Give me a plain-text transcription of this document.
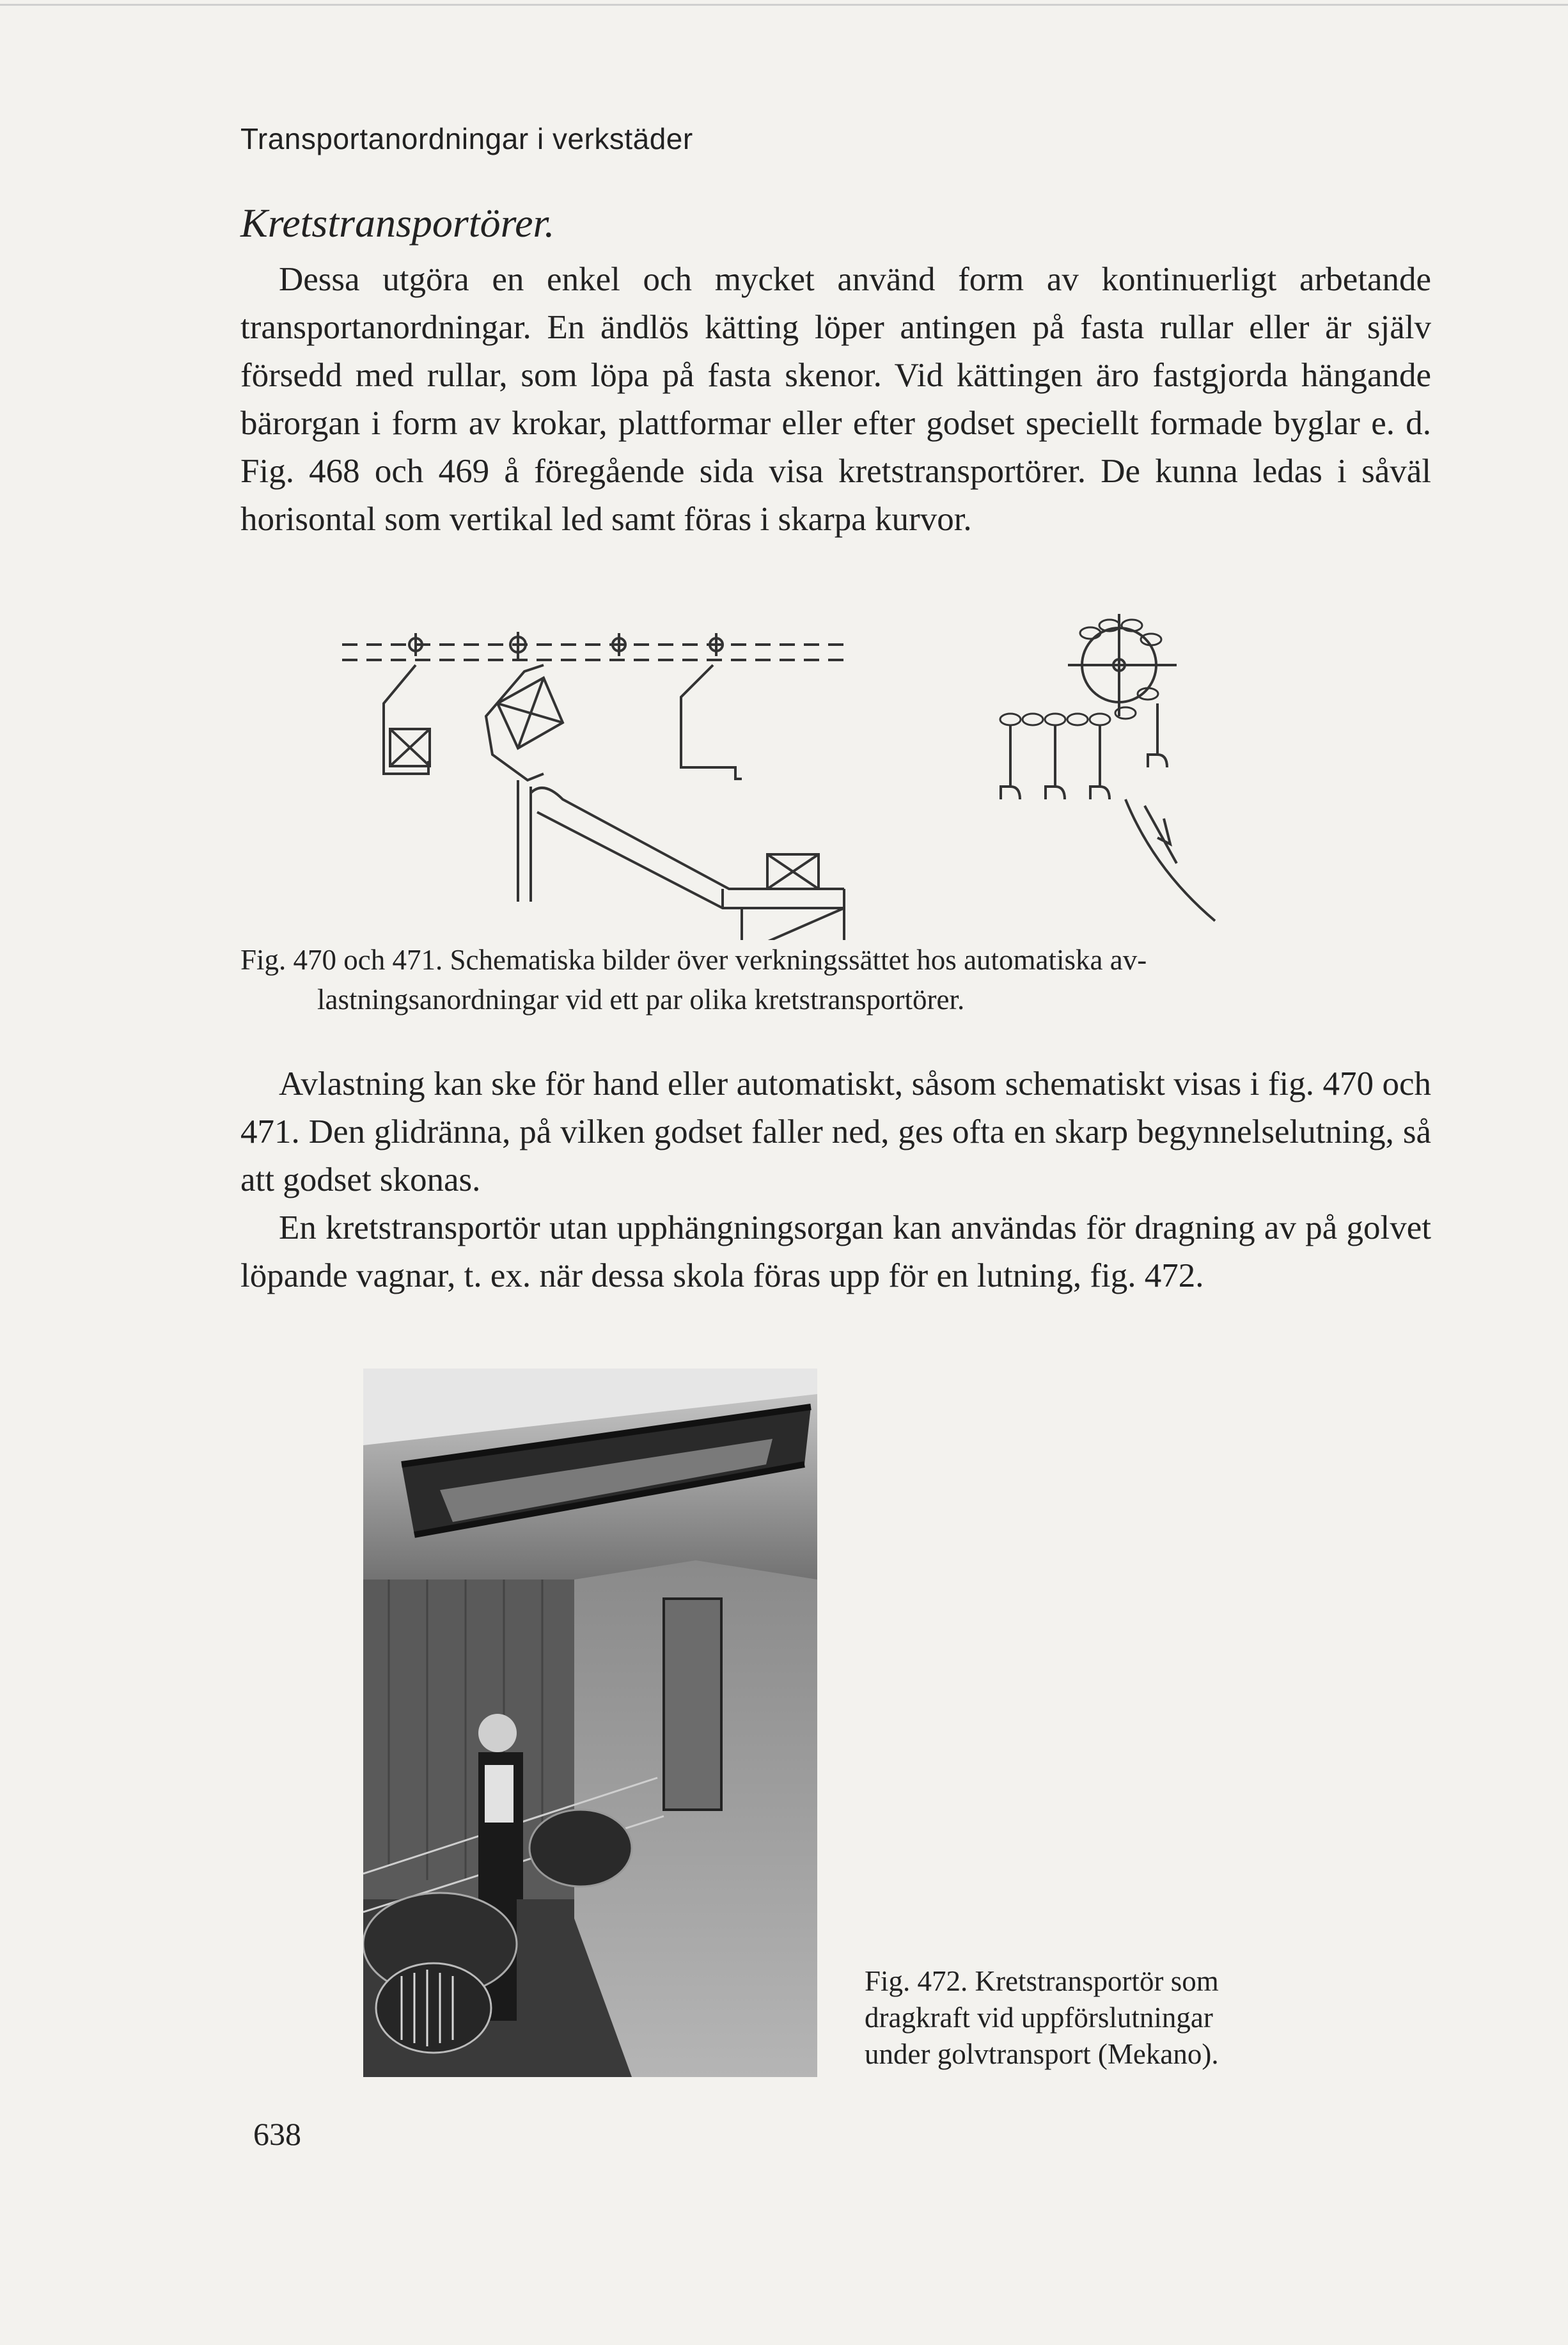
Transportanordningar i verkstäder
Kretstransportörer.

Dessa utgöra en enkel och mycket använd form av kontinuerligt arbetande transportanordningar. En ändlös kätting löper antingen på fasta rullar eller är själv försedd med rullar, som löpa på fasta skenor. Vid kättingen äro fastgjorda hängande bärorgan i form av krokar, plattformar eller efter godset speciellt formade byglar e. d. Fig. 468 och 469 å föregående sida visa kretstransportörer. De kunna ledas i såväl horisontal som vertikal led samt föras i skarpa kurvor.

Fig. 470 och 471. Schematiska bilder över verkningssättet hos automatiska av-
lastningsanordningar vid ett par olika kretstransportörer.

Avlastning kan ske för hand eller automatiskt, såsom schematiskt visas i fig. 470 och 471. Den glidränna, på vilken godset faller ned, ges ofta en skarp begynnelselutning, så att godset skonas.

En kretstransportör utan upphängningsorgan kan användas för dragning av på golvet löpande vagnar, t. ex. när dessa skola föras upp för en lutning, fig. 472.

Fig. 472. Kretstransportör som
dragkraft vid uppförslutningar
under golvtransport (Mekano).

638
